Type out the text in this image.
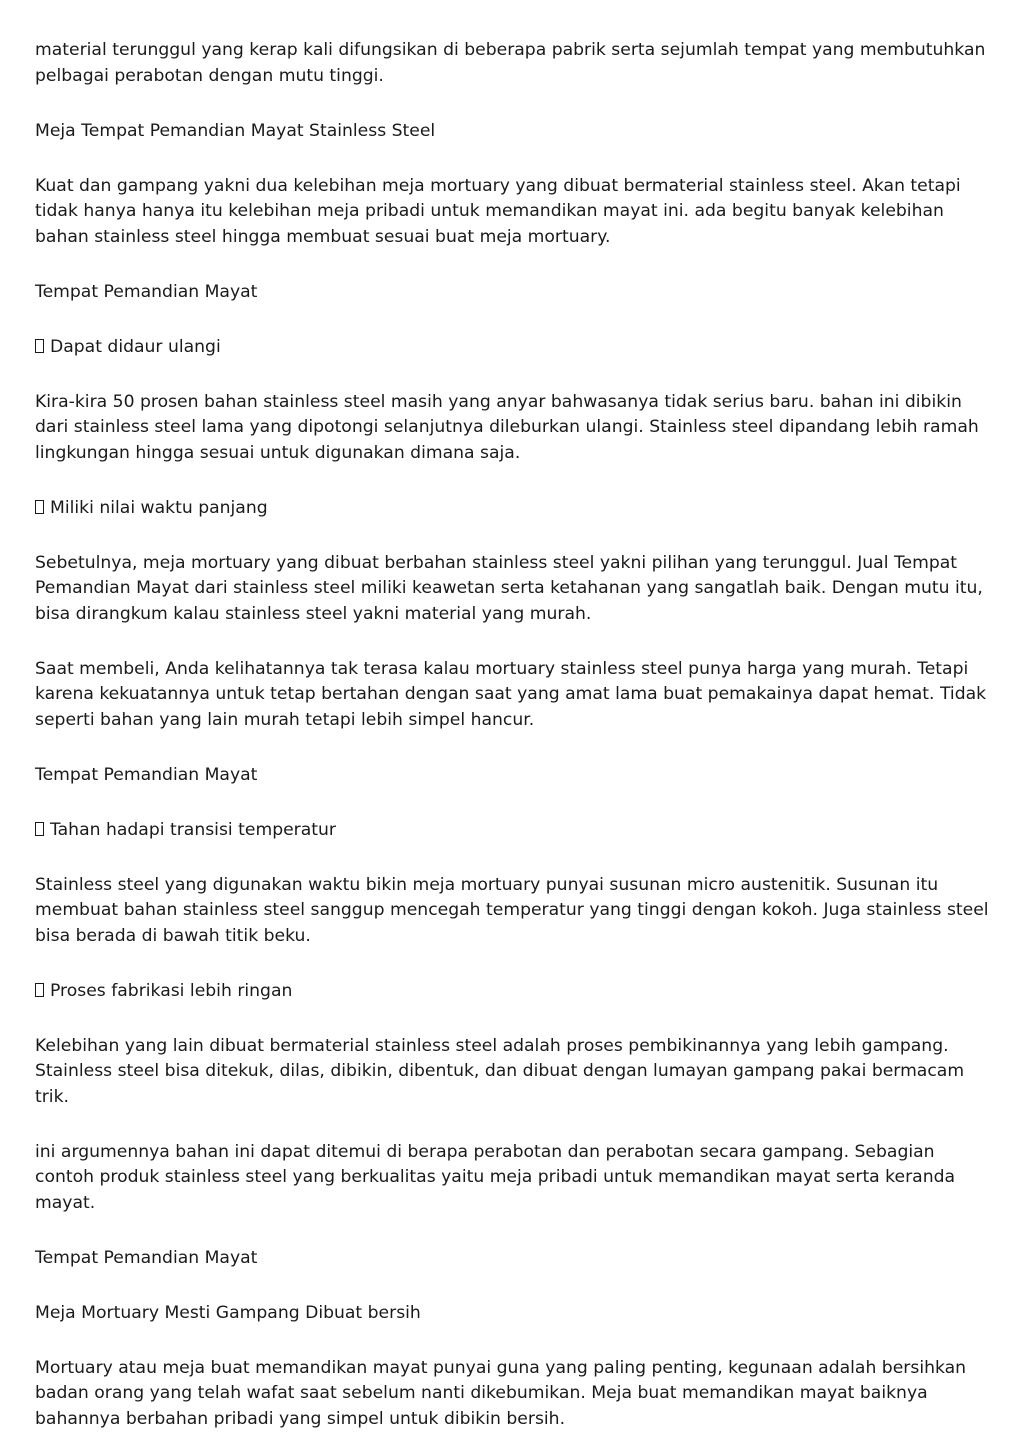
material terunggul yang kerap kali difungsikan di beberapa pabrik serta sejumlah tempat yang membutuhkan pelbagai perabotan dengan mutu tinggi.

Meja Tempat Pemandian Mayat Stainless Steel

Kuat dan gampang yakni dua kelebihan meja mortuary yang dibuat bermaterial stainless steel. Akan tetapi tidak hanya hanya itu kelebihan meja pribadi untuk memandikan mayat ini. ada begitu banyak kelebihan bahan stainless steel hingga membuat sesuai buat meja mortuary.

Tempat Pemandian Mayat

Dapat didaur ulangi

Kira-kira 50 prosen bahan stainless steel masih yang anyar bahwasanya tidak serius baru. bahan ini dibikin dari stainless steel lama yang dipotongi selanjutnya dileburkan ulangi. Stainless steel dipandang lebih ramah lingkungan hingga sesuai untuk digunakan dimana saja.

Miliki nilai waktu panjang

Sebetulnya, meja mortuary yang dibuat berbahan stainless steel yakni pilihan yang terunggul. Jual Tempat Pemandian Mayat dari stainless steel miliki keawetan serta ketahanan yang sangatlah baik. Dengan mutu itu, bisa dirangkum kalau stainless steel yakni material yang murah.

Saat membeli, Anda kelihatannya tak terasa kalau mortuary stainless steel punya harga yang murah. Tetapi karena kekuatannya untuk tetap bertahan dengan saat yang amat lama buat pemakainya dapat hemat. Tidak seperti bahan yang lain murah tetapi lebih simpel hancur.

Tempat Pemandian Mayat

Tahan hadapi transisi temperatur

Stainless steel yang digunakan waktu bikin meja mortuary punyai susunan micro austenitik. Susunan itu membuat bahan stainless steel sanggup mencegah temperatur yang tinggi dengan kokoh. Juga stainless steel bisa berada di bawah titik beku.

Proses fabrikasi lebih ringan

Kelebihan yang lain dibuat bermaterial stainless steel adalah proses pembikinannya yang lebih gampang. Stainless steel bisa ditekuk, dilas, dibikin, dibentuk, dan dibuat dengan lumayan gampang pakai bermacam trik.

ini argumennya bahan ini dapat ditemui di berapa perabotan dan perabotan secara gampang. Sebagian contoh produk stainless steel yang berkualitas yaitu meja pribadi untuk memandikan mayat serta keranda mayat.

Tempat Pemandian Mayat

Meja Mortuary Mesti Gampang Dibuat bersih

Mortuary atau meja buat memandikan mayat punyai guna yang paling penting, kegunaan adalah bersihkan badan orang yang telah wafat saat sebelum nanti dikebumikan. Meja buat memandikan mayat baiknya bahannya berbahan pribadi yang simpel untuk dibikin bersih.
